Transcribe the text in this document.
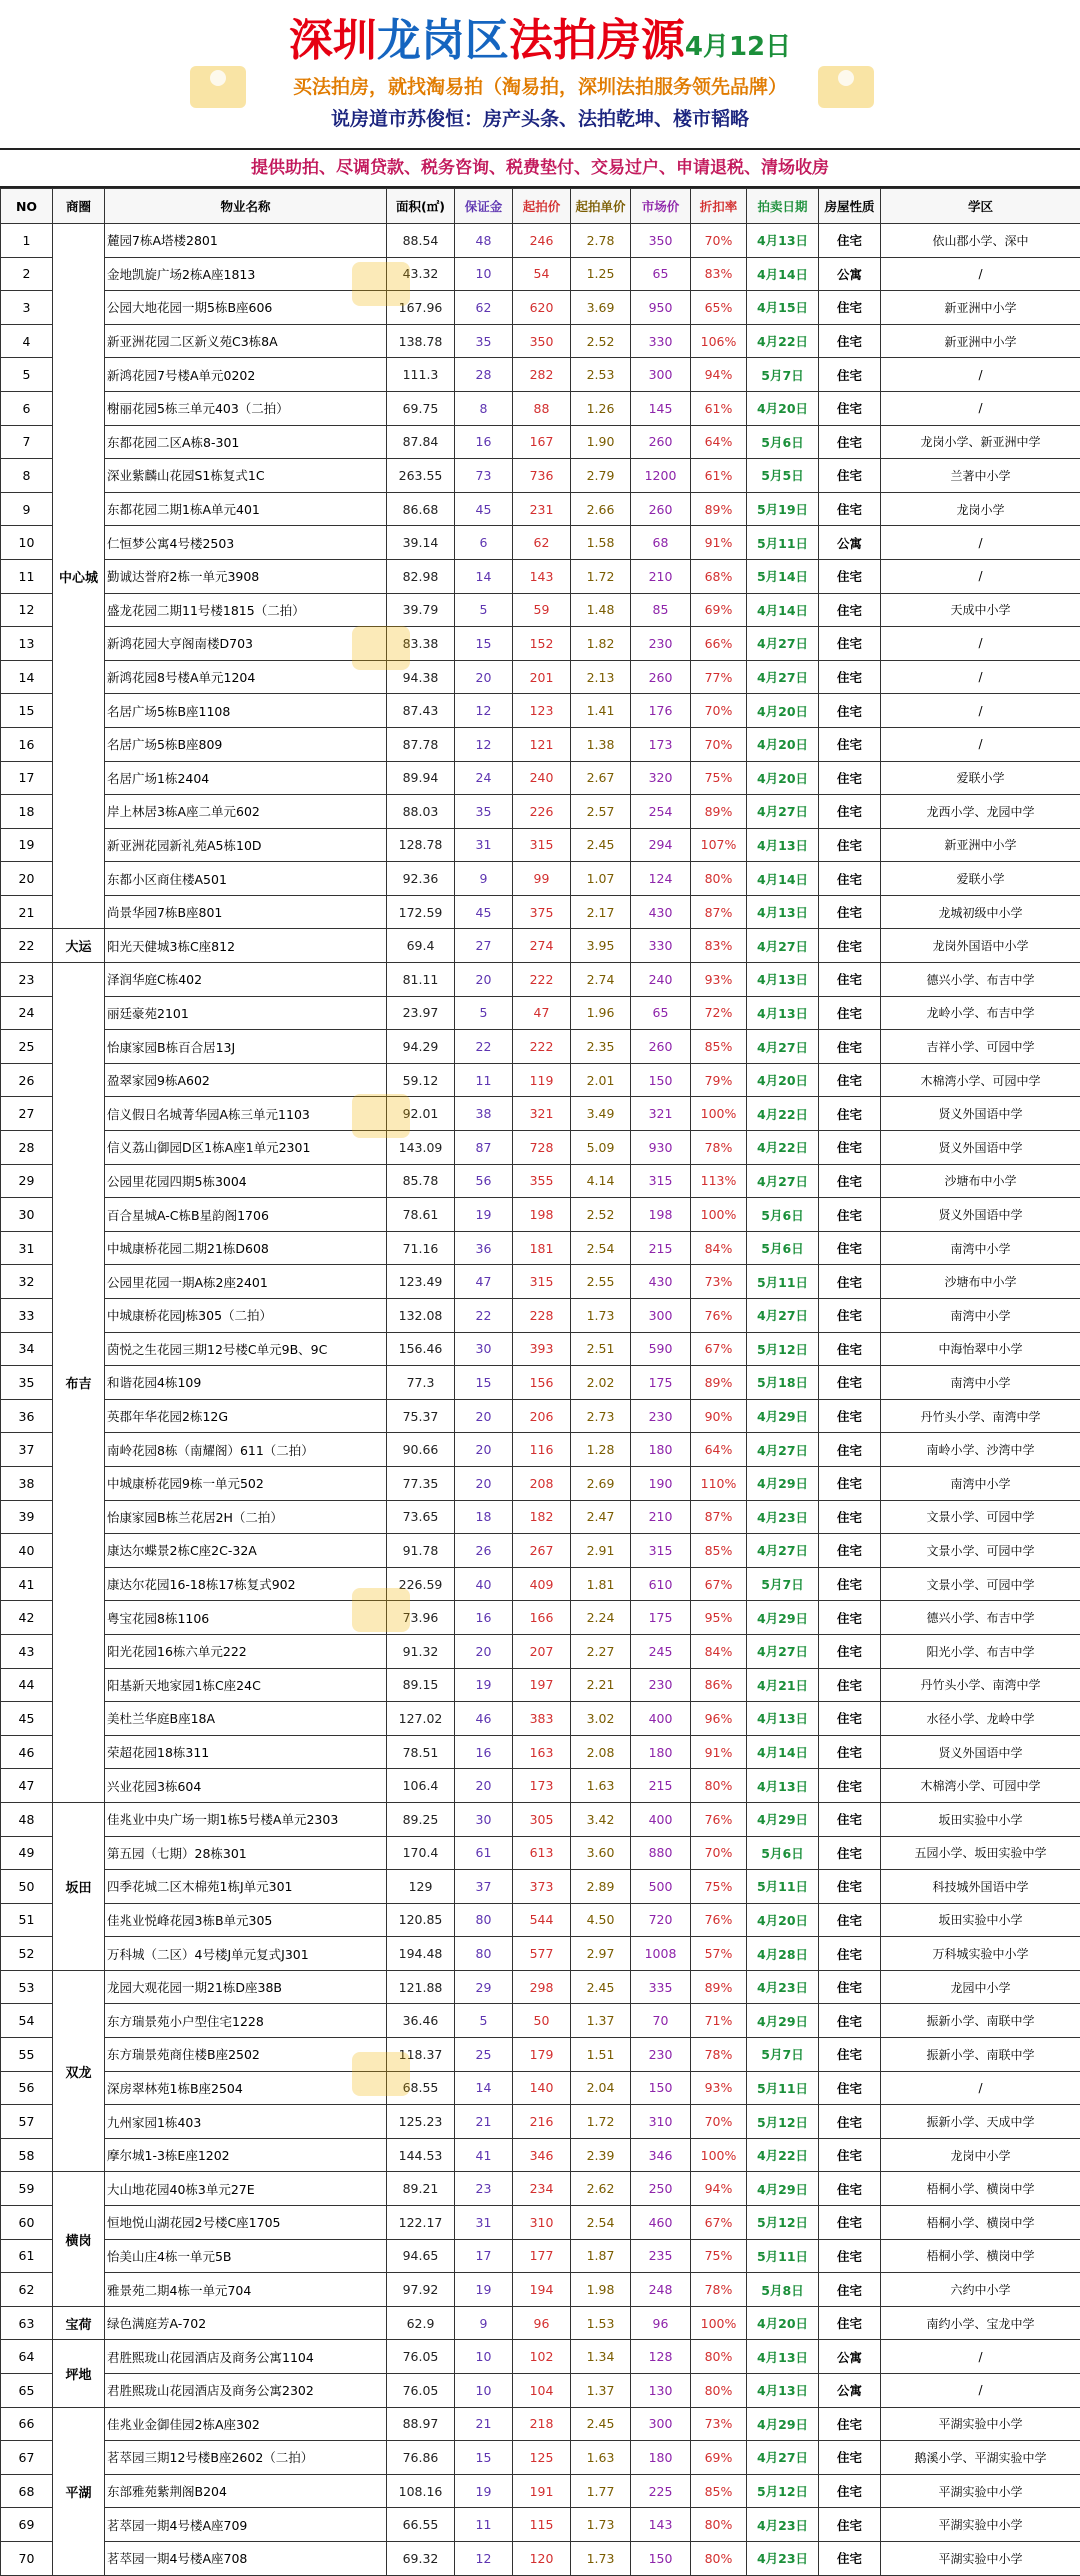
深圳龙岗区法拍房源4月12日
买法拍房，就找淘易拍（淘易拍，深圳法拍服务领先品牌）
说房道市苏俊恒：房产头条、法拍乾坤、楼市韬略
提供助拍、尽调贷款、税务咨询、税费垫付、交易过户、申请退税、清场收房
NO	商圈	物业名称	面积(㎡)	保证金	起拍价	起拍单价	市场价	折扣率	拍卖日期	房屋性质	学区
1	中心城	麓园7栋A塔楼2801	88.54	48	246	2.78	350	70%	4月13日	住宅	依山郡小学、深中
2		金地凯旋广场2栋A座1813	43.32	10	54	1.25	65	83%	4月14日	公寓	/
3		公园大地花园一期5栋B座606	167.96	62	620	3.69	950	65%	4月15日	住宅	新亚洲中小学
4		新亚洲花园二区新义苑C3栋8A	138.78	35	350	2.52	330	106%	4月22日	住宅	新亚洲中小学
5		新鸿花园7号楼A单元0202	111.3	28	282	2.53	300	94%	5月7日	住宅	/
6		榭丽花园5栋三单元403（二拍）	69.75	8	88	1.26	145	61%	4月20日	住宅	/
7		东都花园二区A栋8-301	87.84	16	167	1.90	260	64%	5月6日	住宅	龙岗小学、新亚洲中学
8		深业紫麟山花园S1栋复式1C	263.55	73	736	2.79	1200	61%	5月5日	住宅	兰著中小学
9		东都花园二期1栋A单元401	86.68	45	231	2.66	260	89%	5月19日	住宅	龙岗小学
10		仁恒梦公寓4号楼2503	39.14	6	62	1.58	68	91%	5月11日	公寓	/
11		勤诚达誉府2栋一单元3908	82.98	14	143	1.72	210	68%	5月14日	住宅	/
12		盛龙花园二期11号楼1815（二拍）	39.79	5	59	1.48	85	69%	4月14日	住宅	天成中小学
13		新鸿花园大亨阁南楼D703	83.38	15	152	1.82	230	66%	4月27日	住宅	/
14		新鸿花园8号楼A单元1204	94.38	20	201	2.13	260	77%	4月27日	住宅	/
15		名居广场5栋B座1108	87.43	12	123	1.41	176	70%	4月20日	住宅	/
16		名居广场5栋B座809	87.78	12	121	1.38	173	70%	4月20日	住宅	/
17		名居广场1栋2404	89.94	24	240	2.67	320	75%	4月20日	住宅	爱联小学
18		岸上林居3栋A座二单元602	88.03	35	226	2.57	254	89%	4月27日	住宅	龙西小学、龙园中学
19		新亚洲花园新礼苑A5栋10D	128.78	31	315	2.45	294	107%	4月13日	住宅	新亚洲中小学
20		东都小区商住楼A501	92.36	9	99	1.07	124	80%	4月14日	住宅	爱联小学
21		尚景华园7栋B座801	172.59	45	375	2.17	430	87%	4月13日	住宅	龙城初级中小学
22	大运	阳光天健城3栋C座812	69.4	27	274	3.95	330	83%	4月27日	住宅	龙岗外国语中小学
23	布吉	泽润华庭C栋402	81.11	20	222	2.74	240	93%	4月13日	住宅	德兴小学、布吉中学
24		丽廷豪苑2101	23.97	5	47	1.96	65	72%	4月13日	住宅	龙岭小学、布吉中学
25		怡康家园B栋百合居13J	94.29	22	222	2.35	260	85%	4月27日	住宅	吉祥小学、可园中学
26		盈翠家园9栋A602	59.12	11	119	2.01	150	79%	4月20日	住宅	木棉湾小学、可园中学
27		信义假日名城菁华园A栋三单元1103	92.01	38	321	3.49	321	100%	4月22日	住宅	贤义外国语中学
28		信义荔山御园D区1栋A座1单元2301	143.09	87	728	5.09	930	78%	4月22日	住宅	贤义外国语中学
29		公园里花园四期5栋3004	85.78	56	355	4.14	315	113%	4月27日	住宅	沙塘布中小学
30		百合星城A-C栋B星韵阁1706	78.61	19	198	2.52	198	100%	5月6日	住宅	贤义外国语中学
31		中城康桥花园二期21栋D608	71.16	36	181	2.54	215	84%	5月6日	住宅	南湾中小学
32		公园里花园一期A栋2座2401	123.49	47	315	2.55	430	73%	5月11日	住宅	沙塘布中小学
33		中城康桥花园J栋305（二拍）	132.08	22	228	1.73	300	76%	4月27日	住宅	南湾中小学
34		茵悦之生花园三期12号楼C单元9B、9C	156.46	30	393	2.51	590	67%	5月12日	住宅	中海怡翠中小学
35		和谐花园4栋109	77.3	15	156	2.02	175	89%	5月18日	住宅	南湾中小学
36		英郡年华花园2栋12G	75.37	20	206	2.73	230	90%	4月29日	住宅	丹竹头小学、南湾中学
37		南岭花园8栋（南耀阁）611（二拍）	90.66	20	116	1.28	180	64%	4月27日	住宅	南岭小学、沙湾中学
38		中城康桥花园9栋一单元502	77.35	20	208	2.69	190	110%	4月29日	住宅	南湾中小学
39		怡康家园B栋兰花居2H（二拍）	73.65	18	182	2.47	210	87%	4月23日	住宅	文景小学、可园中学
40		康达尔蝶景2栋C座2C-32A	91.78	26	267	2.91	315	85%	4月27日	住宅	文景小学、可园中学
41		康达尔花园16-18栋17栋复式902	226.59	40	409	1.81	610	67%	5月7日	住宅	文景小学、可园中学
42		粤宝花园8栋1106	73.96	16	166	2.24	175	95%	4月29日	住宅	德兴小学、布吉中学
43		阳光花园16栋六单元222	91.32	20	207	2.27	245	84%	4月27日	住宅	阳光小学、布吉中学
44		阳基新天地家园1栋C座24C	89.15	19	197	2.21	230	86%	4月21日	住宅	丹竹头小学、南湾中学
45		美杜兰华庭B座18A	127.02	46	383	3.02	400	96%	4月13日	住宅	水径小学、龙岭中学
46		荣超花园18栋311	78.51	16	163	2.08	180	91%	4月14日	住宅	贤义外国语中学
47		兴业花园3栋604	106.4	20	173	1.63	215	80%	4月13日	住宅	木棉湾小学、可园中学
48	坂田	佳兆业中央广场一期1栋5号楼A单元2303	89.25	30	305	3.42	400	76%	4月29日	住宅	坂田实验中小学
49		第五园（七期）28栋301	170.4	61	613	3.60	880	70%	5月6日	住宅	五园小学、坂田实验中学
50		四季花城二区木棉苑1栋J单元301	129	37	373	2.89	500	75%	5月11日	住宅	科技城外国语中学
51		佳兆业悦峰花园3栋B单元305	120.85	80	544	4.50	720	76%	4月20日	住宅	坂田实验中小学
52		万科城（二区）4号楼J单元复式J301	194.48	80	577	2.97	1008	57%	4月28日	住宅	万科城实验中小学
53	双龙	龙园大观花园一期21栋D座38B	121.88	29	298	2.45	335	89%	4月23日	住宅	龙园中小学
54		东方瑞景苑小户型住宅1228	36.46	5	50	1.37	70	71%	4月29日	住宅	振新小学、南联中学
55		东方瑞景苑商住楼B座2502	118.37	25	179	1.51	230	78%	5月7日	住宅	振新小学、南联中学
56		深房翠林苑1栋B座2504	68.55	14	140	2.04	150	93%	5月11日	住宅	/
57		九州家园1栋403	125.23	21	216	1.72	310	70%	5月12日	住宅	振新小学、天成中学
58		摩尔城1-3栋E座1202	144.53	41	346	2.39	346	100%	4月22日	住宅	龙岗中小学
59	横岗	大山地花园40栋3单元27E	89.21	23	234	2.62	250	94%	4月29日	住宅	梧桐小学、横岗中学
60		恒地悦山湖花园2号楼C座1705	122.17	31	310	2.54	460	67%	5月12日	住宅	梧桐小学、横岗中学
61		怡美山庄4栋一单元5B	94.65	17	177	1.87	235	75%	5月11日	住宅	梧桐小学、横岗中学
62		雅景苑二期4栋一单元704	97.92	19	194	1.98	248	78%	5月8日	住宅	六约中小学
63	宝荷	绿色满庭芳A-702	62.9	9	96	1.53	96	100%	4月20日	住宅	南约小学、宝龙中学
64	坪地	君胜熙珑山花园酒店及商务公寓1104	76.05	10	102	1.34	128	80%	4月13日	公寓	/
65		君胜熙珑山花园酒店及商务公寓2302	76.05	10	104	1.37	130	80%	4月13日	公寓	/
66	平湖	佳兆业金御佳园2栋A座302	88.97	21	218	2.45	300	73%	4月29日	住宅	平湖实验中小学
67		茗萃园三期12号楼B座2602（二拍）	76.86	15	125	1.63	180	69%	4月27日	住宅	鹅溪小学、平湖实验中学
68		东部雅苑紫荆阁B204	108.16	19	191	1.77	225	85%	5月12日	住宅	平湖实验中小学
69		茗萃园一期4号楼A座709	66.55	11	115	1.73	143	80%	4月23日	住宅	平湖实验中小学
70		茗萃园一期4号楼A座708	69.32	12	120	1.73	150	80%	4月23日	住宅	平湖实验中小学
